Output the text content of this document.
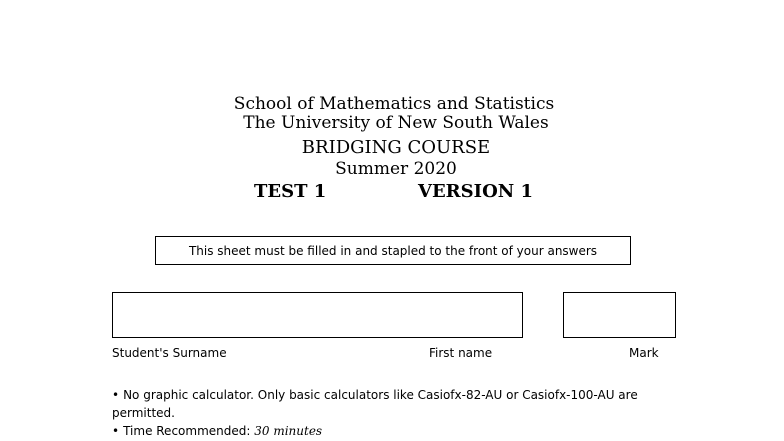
School of Mathematics and Statistics
The University of New South Wales
BRIDGING COURSE
Summer 2020
TEST 1	VERSION 1
This sheet must be filled in and stapled to the front of your answers
Student's Surname	First name	Mark

• No graphic calculator. Only basic calculators like Casiofx-82-AU or Casiofx-100-AU are permitted.

• Time Recommended: 30 minutes
